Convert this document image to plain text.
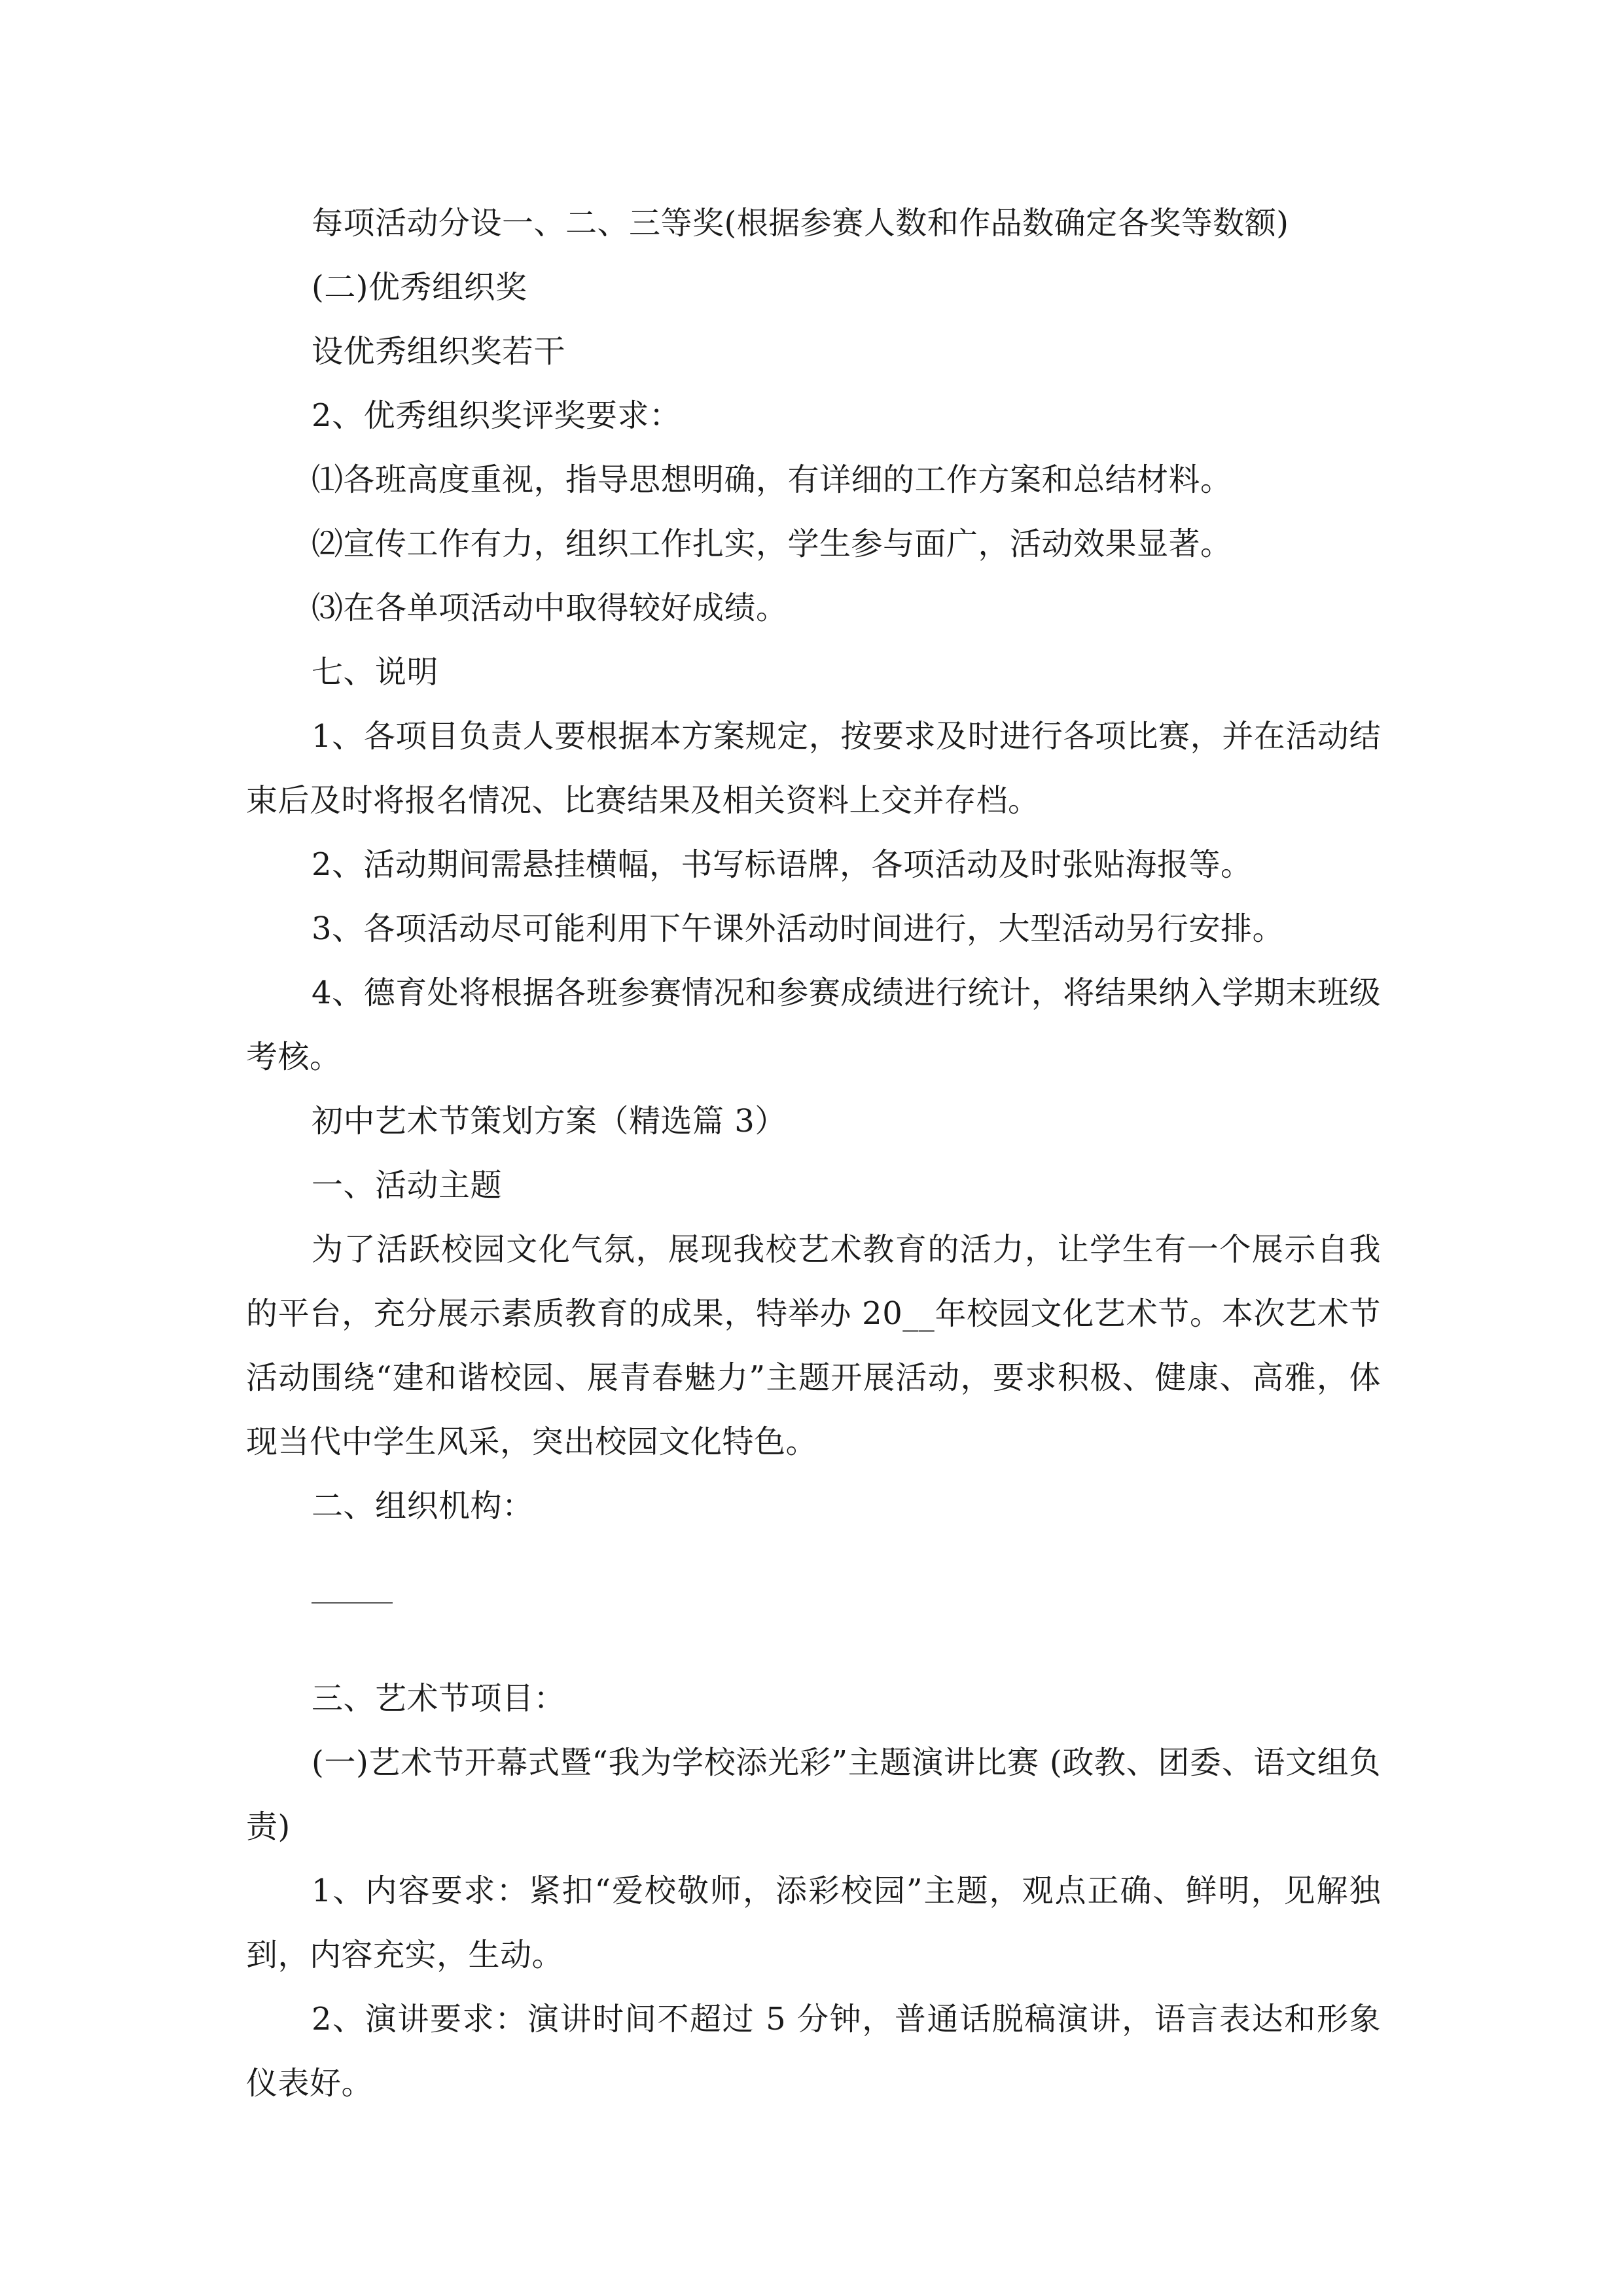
每项活动分设一、二、三等奖(根据参赛人数和作品数确定各奖等数额)

(二)优秀组织奖

设优秀组织奖若干

2、优秀组织奖评奖要求：

⑴各班高度重视，指导思想明确，有详细的工作方案和总结材料。

⑵宣传工作有力，组织工作扎实，学生参与面广，活动效果显著。

⑶在各单项活动中取得较好成绩。

七、说明

1、各项目负责人要根据本方案规定，按要求及时进行各项比赛，并在活动结束后及时将报名情况、比赛结果及相关资料上交并存档。

2、活动期间需悬挂横幅，书写标语牌，各项活动及时张贴海报等。

3、各项活动尽可能利用下午课外活动时间进行，大型活动另行安排。

4、德育处将根据各班参赛情况和参赛成绩进行统计，将结果纳入学期末班级考核。

初中艺术节策划方案（精选篇 3）

一、活动主题

为了活跃校园文化气氛，展现我校艺术教育的活力，让学生有一个展示自我的平台，充分展示素质教育的成果，特举办 20__年校园文化艺术节。本次艺术节活动围绕“建和谐校园、展青春魅力”主题开展活动，要求积极、健康、高雅，体现当代中学生风采，突出校园文化特色。

二、组织机构：

三、艺术节项目：

(一)艺术节开幕式暨“我为学校添光彩”主题演讲比赛 (政教、团委、语文组负责)

1、内容要求：紧扣“爱校敬师，添彩校园”主题，观点正确、鲜明，见解独到，内容充实，生动。

2、演讲要求：演讲时间不超过 5 分钟，普通话脱稿演讲，语言表达和形象仪表好。
